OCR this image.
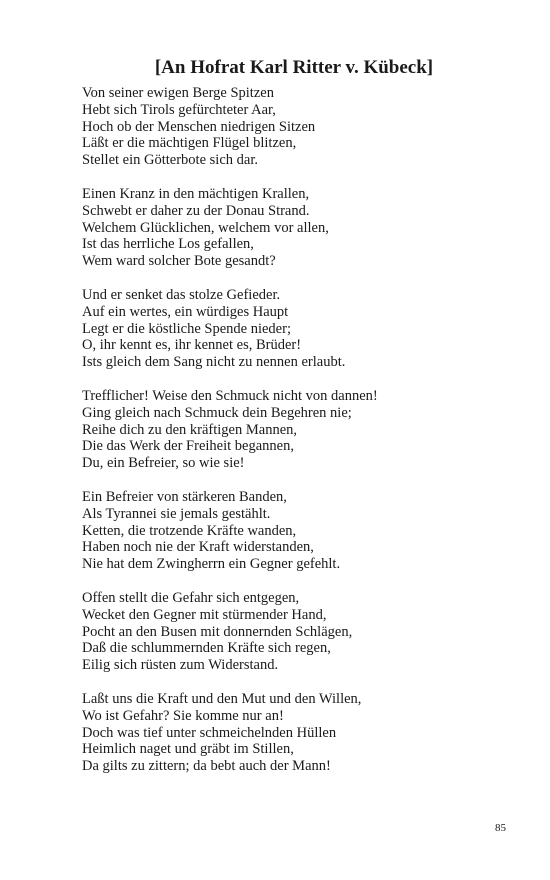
[An Hofrat Karl Ritter v. Kübeck]
Von seiner ewigen Berge Spitzen
Hebt sich Tirols gefürchteter Aar,
Hoch ob der Menschen niedrigen Sitzen
Läßt er die mächtigen Flügel blitzen,
Stellet ein Götterbote sich dar.
Einen Kranz in den mächtigen Krallen,
Schwebt er daher zu der Donau Strand.
Welchem Glücklichen, welchem vor allen,
Ist das herrliche Los gefallen,
Wem ward solcher Bote gesandt?
Und er senket das stolze Gefieder.
Auf ein wertes, ein würdiges Haupt
Legt er die köstliche Spende nieder;
O, ihr kennt es, ihr kennet es, Brüder!
Ists gleich dem Sang nicht zu nennen erlaubt.
Trefflicher! Weise den Schmuck nicht von dannen!
Ging gleich nach Schmuck dein Begehren nie;
Reihe dich zu den kräftigen Mannen,
Die das Werk der Freiheit begannen,
Du, ein Befreier, so wie sie!
Ein Befreier von stärkeren Banden,
Als Tyrannei sie jemals gestählt.
Ketten, die trotzende Kräfte wanden,
Haben noch nie der Kraft widerstanden,
Nie hat dem Zwingherrn ein Gegner gefehlt.
Offen stellt die Gefahr sich entgegen,
Wecket den Gegner mit stürmender Hand,
Pocht an den Busen mit donnernden Schlägen,
Daß die schlummernden Kräfte sich regen,
Eilig sich rüsten zum Widerstand.
Laßt uns die Kraft und den Mut und den Willen,
Wo ist Gefahr? Sie komme nur an!
Doch was tief unter schmeichelnden Hüllen
Heimlich naget und gräbt im Stillen,
Da gilts zu zittern; da bebt auch der Mann!
85
